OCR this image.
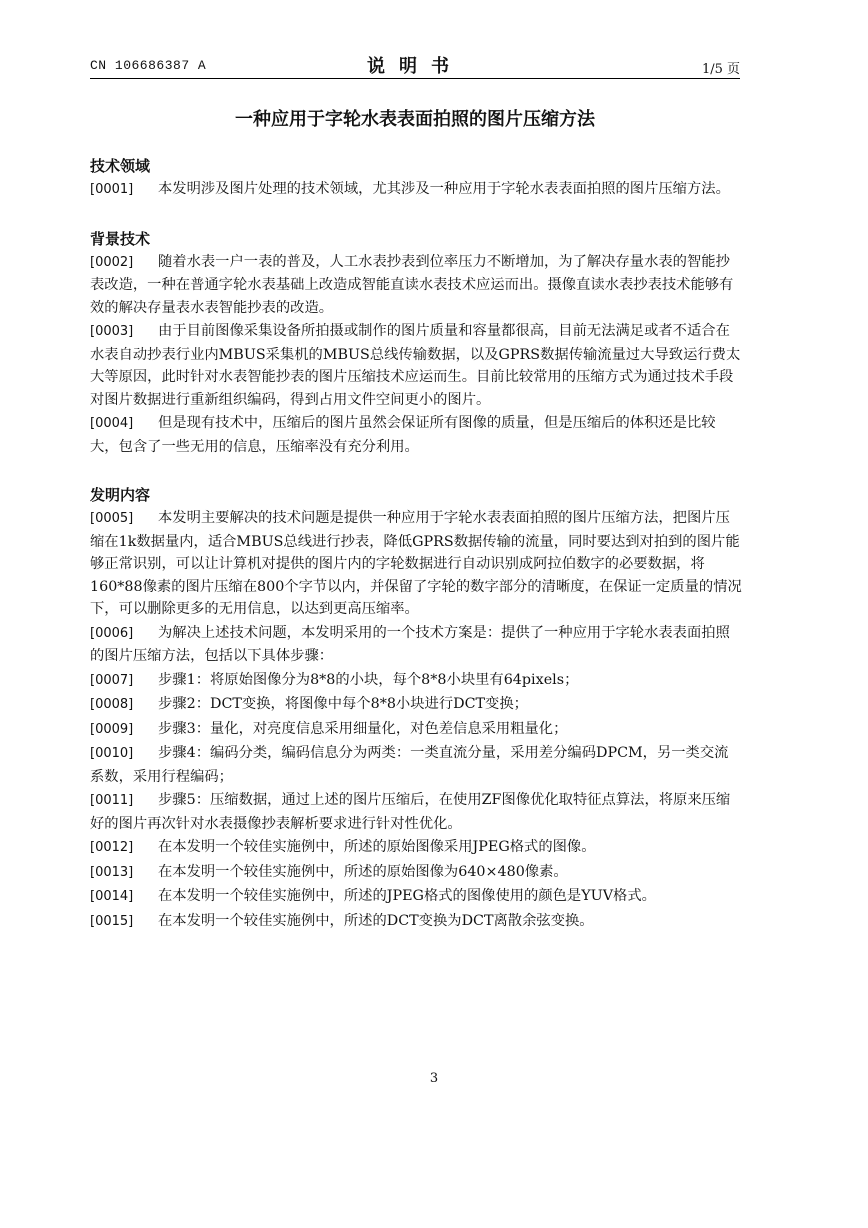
CN 106686387 A	说明书	1/5 页
一种应用于字轮水表表面拍照的图片压缩方法
技术领域

[0001] 本发明涉及图片处理的技术领域，尤其涉及一种应用于字轮水表表面拍照的图片压缩方法。

背景技术

[0002] 随着水表一户一表的普及，人工水表抄表到位率压力不断增加，为了解决存量水表的智能抄表改造，一种在普通字轮水表基础上改造成智能直读水表技术应运而出。摄像直读水表抄表技术能够有效的解决存量表水表智能抄表的改造。

[0003] 由于目前图像采集设备所拍摄或制作的图片质量和容量都很高，目前无法满足或者不适合在水表自动抄表行业内MBUS采集机的MBUS总线传输数据，以及GPRS数据传输流量过大导致运行费太大等原因，此时针对水表智能抄表的图片压缩技术应运而生。目前比较常用的压缩方式为通过技术手段对图片数据进行重新组织编码，得到占用文件空间更小的图片。

[0004] 但是现有技术中，压缩后的图片虽然会保证所有图像的质量，但是压缩后的体积还是比较大，包含了一些无用的信息，压缩率没有充分利用。

发明内容

[0005] 本发明主要解决的技术问题是提供一种应用于字轮水表表面拍照的图片压缩方法，把图片压缩在1k数据量内，适合MBUS总线进行抄表，降低GPRS数据传输的流量，同时要达到对拍到的图片能够正常识别，可以让计算机对提供的图片内的字轮数据进行自动识别成阿拉伯数字的必要数据，将160*88像素的图片压缩在800个字节以内，并保留了字轮的数字部分的清晰度，在保证一定质量的情况下，可以删除更多的无用信息，以达到更高压缩率。

[0006] 为解决上述技术问题，本发明采用的一个技术方案是：提供了一种应用于字轮水表表面拍照的图片压缩方法，包括以下具体步骤：

[0007] 步骤1：将原始图像分为8*8的小块，每个8*8小块里有64pixels；

[0008] 步骤2：DCT变换，将图像中每个8*8小块进行DCT变换；

[0009] 步骤3：量化，对亮度信息采用细量化，对色差信息采用粗量化；

[0010] 步骤4：编码分类，编码信息分为两类：一类直流分量，采用差分编码DPCM，另一类交流系数，采用行程编码；

[0011] 步骤5：压缩数据，通过上述的图片压缩后，在使用ZF图像优化取特征点算法，将原来压缩好的图片再次针对水表摄像抄表解析要求进行针对性优化。

[0012] 在本发明一个较佳实施例中，所述的原始图像采用JPEG格式的图像。

[0013] 在本发明一个较佳实施例中，所述的原始图像为640×480像素。

[0014] 在本发明一个较佳实施例中，所述的JPEG格式的图像使用的颜色是YUV格式。

[0015] 在本发明一个较佳实施例中，所述的DCT变换为DCT离散余弦变换。

3
